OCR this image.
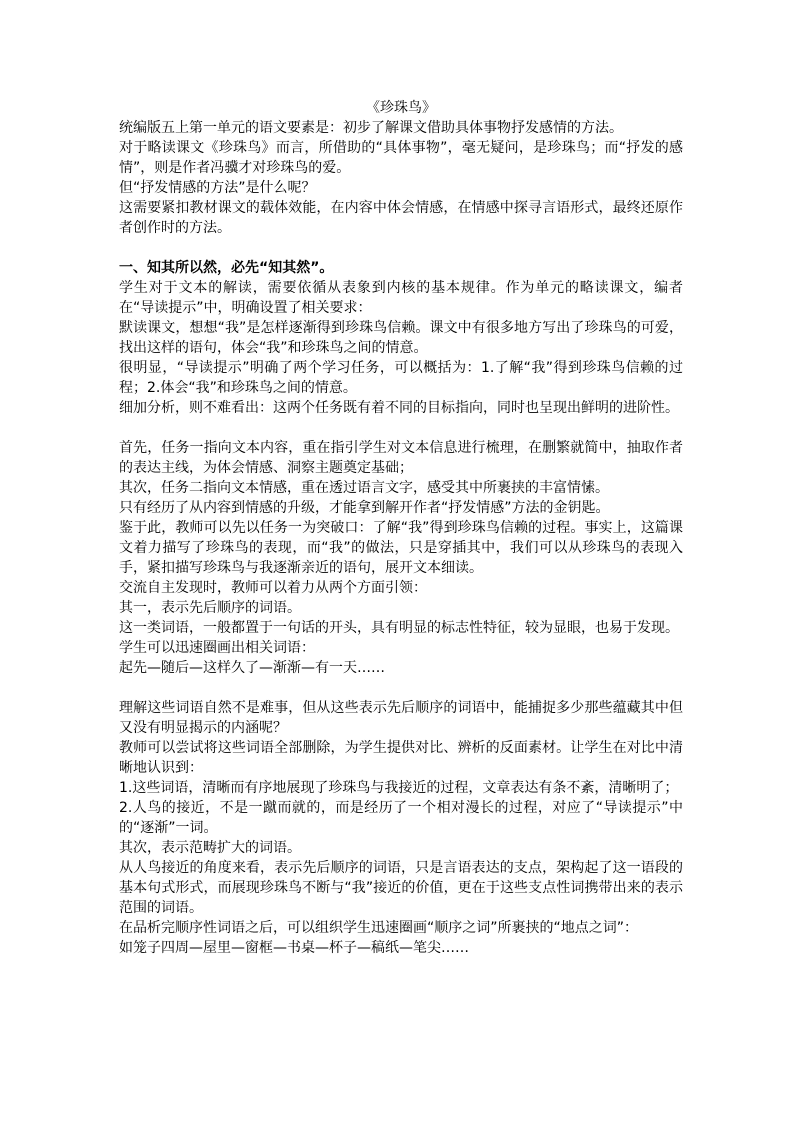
《珍珠鸟》

统编版五上第一单元的语文要素是：初步了解课文借助具体事物抒发感情的方法。

对于略读课文《珍珠鸟》而言，所借助的“具体事物”，毫无疑问，是珍珠鸟；而“抒发的感情”，则是作者冯骥才对珍珠鸟的爱。

但“抒发情感的方法”是什么呢？

这需要紧扣教材课文的载体效能，在内容中体会情感，在情感中探寻言语形式，最终还原作者创作时的方法。

一、知其所以然，必先“知其然”。

学生对于文本的解读，需要依循从表象到内核的基本规律。作为单元的略读课文，编者在“导读提示”中，明确设置了相关要求：

默读课文，想想“我”是怎样逐渐得到珍珠鸟信赖。课文中有很多地方写出了珍珠鸟的可爱，找出这样的语句，体会“我”和珍珠鸟之间的情意。

很明显，“导读提示”明确了两个学习任务，可以概括为：1.了解“我”得到珍珠鸟信赖的过程；2.体会“我”和珍珠鸟之间的情意。

细加分析，则不难看出：这两个任务既有着不同的目标指向，同时也呈现出鲜明的进阶性。

首先，任务一指向文本内容，重在指引学生对文本信息进行梳理，在删繁就简中，抽取作者的表达主线，为体会情感、洞察主题奠定基础；

其次，任务二指向文本情感，重在透过语言文字，感受其中所裹挟的丰富情愫。

只有经历了从内容到情感的升级，才能拿到解开作者“抒发情感”方法的金钥匙。

鉴于此，教师可以先以任务一为突破口：了解“我”得到珍珠鸟信赖的过程。事实上，这篇课文着力描写了珍珠鸟的表现，而“我”的做法，只是穿插其中，我们可以从珍珠鸟的表现入手，紧扣描写珍珠鸟与我逐渐亲近的语句，展开文本细读。

交流自主发现时，教师可以着力从两个方面引领：

其一，表示先后顺序的词语。

这一类词语，一般都置于一句话的开头，具有明显的标志性特征，较为显眼，也易于发现。

学生可以迅速圈画出相关词语：

起先—随后—这样久了—渐渐—有一天……

理解这些词语自然不是难事，但从这些表示先后顺序的词语中，能捕捉多少那些蕴藏其中但又没有明显揭示的内涵呢？

教师可以尝试将这些词语全部删除，为学生提供对比、辨析的反面素材。让学生在对比中清晰地认识到：

1.这些词语，清晰而有序地展现了珍珠鸟与我接近的过程，文章表达有条不紊，清晰明了；

2.人鸟的接近，不是一蹴而就的，而是经历了一个相对漫长的过程，对应了“导读提示”中的“逐渐”一词。

其次，表示范畴扩大的词语。

从人鸟接近的角度来看，表示先后顺序的词语，只是言语表达的支点，架构起了这一语段的基本句式形式，而展现珍珠鸟不断与“我”接近的价值，更在于这些支点性词携带出来的表示范围的词语。

在品析完顺序性词语之后，可以组织学生迅速圈画“顺序之词”所裹挟的“地点之词”：

如笼子四周—屋里—窗框—书桌—杯子—稿纸—笔尖……
